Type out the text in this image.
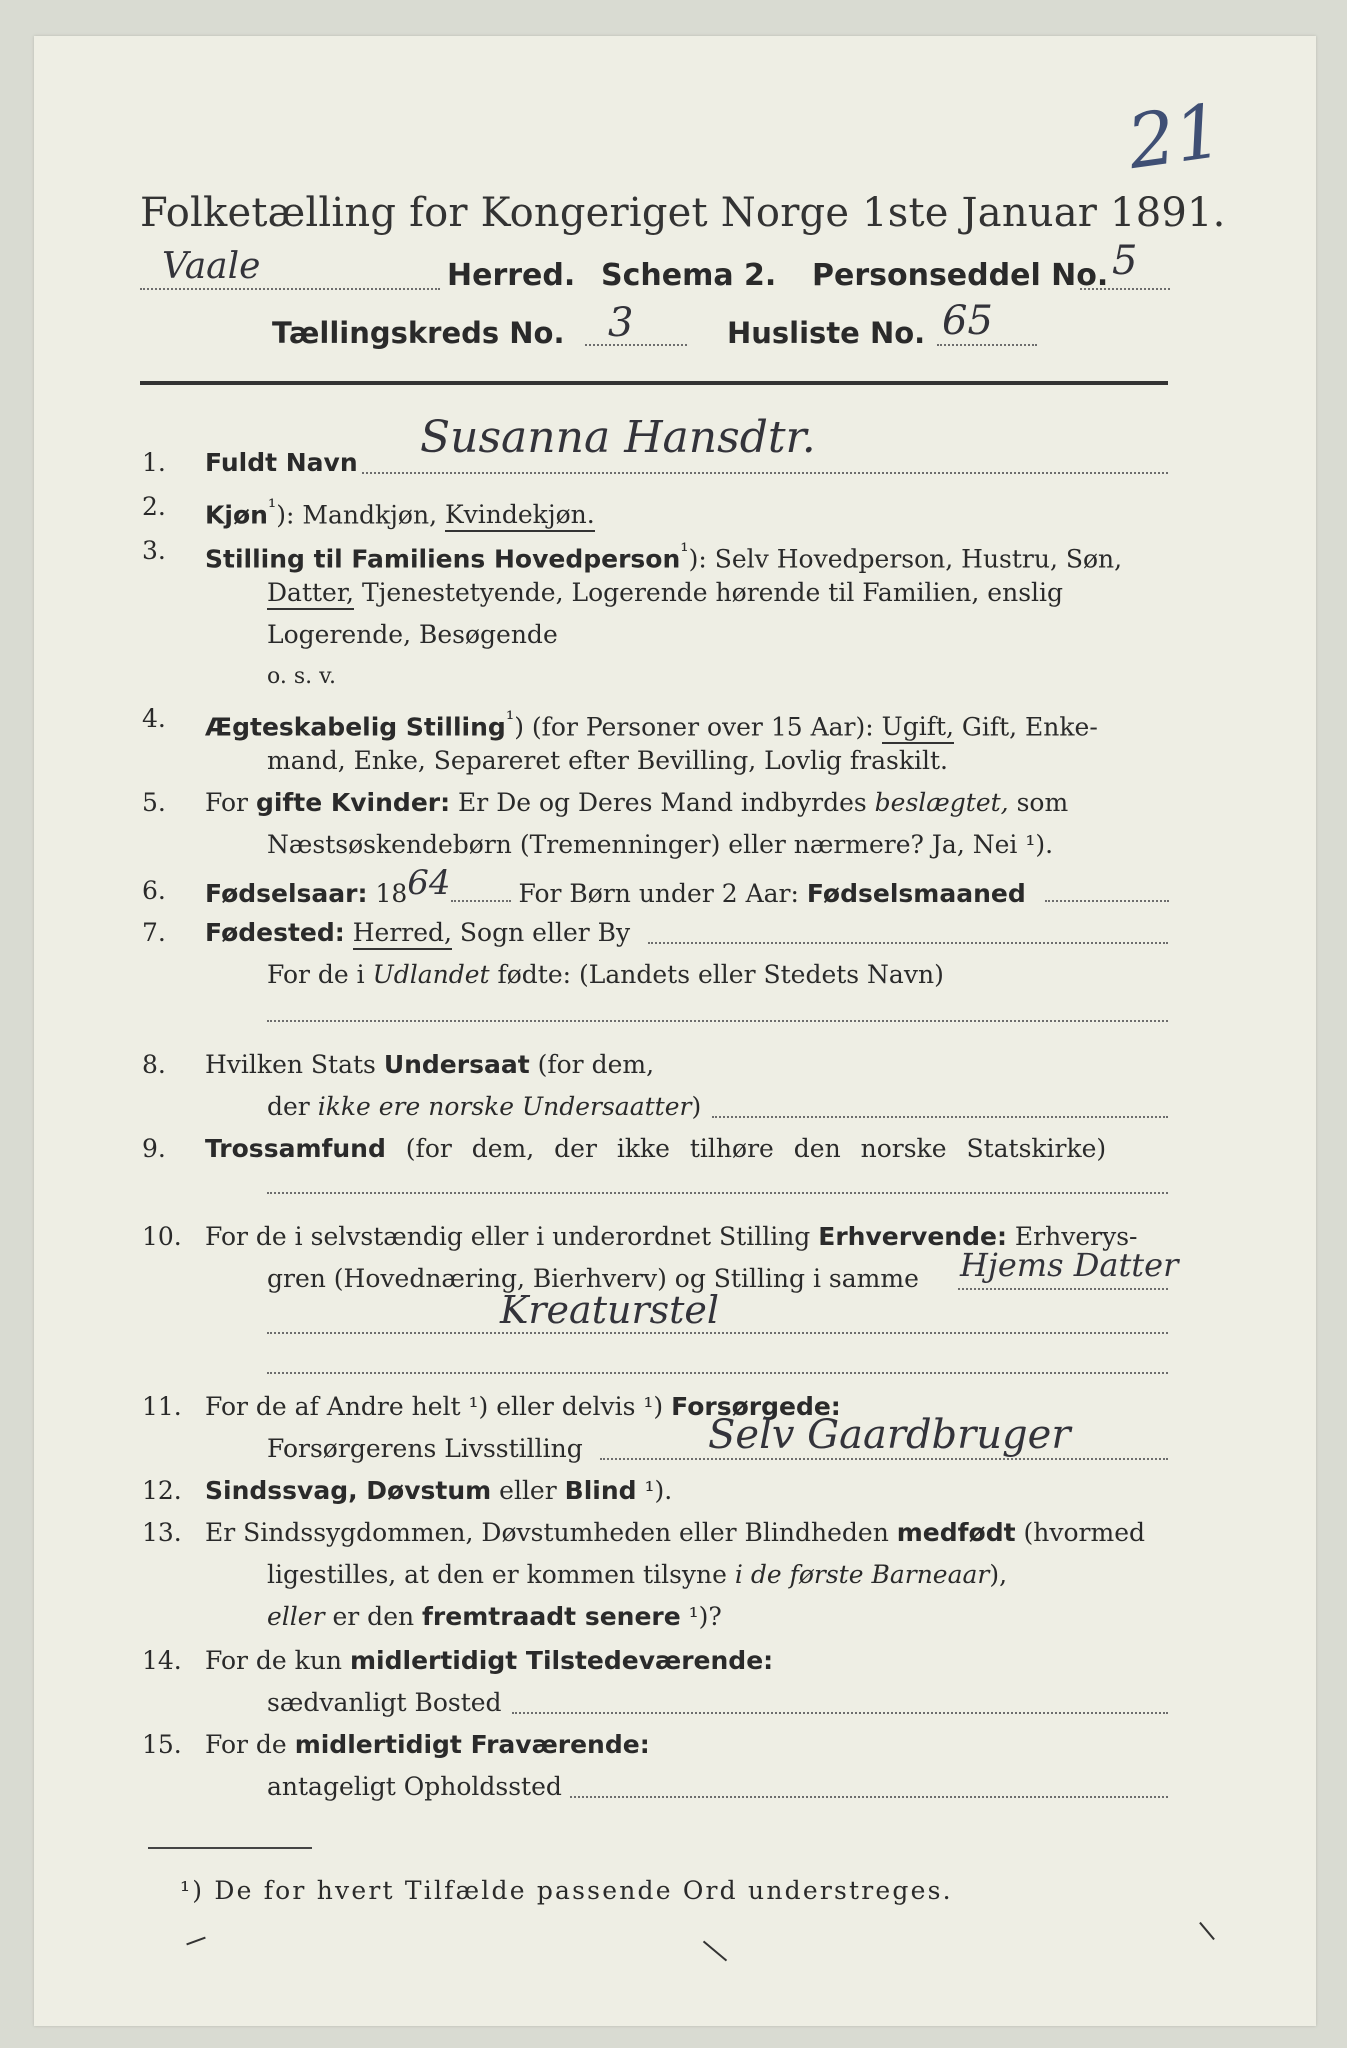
21
Folketælling for Kongeriget Norge 1ste Januar 1891.
Vaale	Herred. Schema 2. Personseddel No. 5
Tællingskreds No. 3	Husliste No. 65
1. Fuldt Navn Susanna Hansdtr.
2. Kjøn$^{^1}$): Mandkjøn, Kvindekjøn.
3. Stilling til Familiens Hovedperson$^{^1}$): Selv Hovedperson, Hustru, Søn,
Datter, Tjenestetyende, Logerende hørende til Familien, enslig
Logerende, Besøgende
o. s. v.
4. Ægteskabelig Stilling$^{^1}$) (for Personer over 15 Aar): Ugift, Gift, Enke-
mand, Enke, Separeret efter Bevilling, Lovlig fraskilt.
5. For gifte Kvinder: Er De og Deres Mand indbyrdes beslægtet, som
Næstsøskendebørn (Tremenninger) eller nærmere? Ja, Nei ¹).
6. Fødselsaar: 1864 For Børn under 2 Aar: Fødselsmaaned
7. Fødested: Herred, Sogn eller By
For de i Udlandet fødte: (Landets eller Stedets Navn)
8. Hvilken Stats Undersaat (for dem,
der ikke ere norske Undersaatter)
9. Trossamfund (for dem, der ikke tilhøre den norske Statskirke)
10. For de i selvstændig eller i underordnet Stilling Erhvervende: Erhverys-
gren (Hovednæring, Bierhverv) og Stilling i samme Hjems Datter
Kreaturstel
11. For de af Andre helt ¹) eller delvis ¹) Forsørgede:
Forsørgerens Livsstilling	Selv Gaardbruger
12. Sindssvag, Døvstum eller Blind ¹).
13. Er Sindssygdommen, Døvstumheden eller Blindheden medfødt (hvormed
ligestilles, at den er kommen tilsyne i de første Barneaar),
eller er den fremtraadt senere ¹)?
14. For de kun midlertidigt Tilstedeværende:
sædvanligt Bosted
15. For de midlertidigt Fraværende:
antageligt Opholdssted
¹) De for hvert Tilfælde passende Ord understreges.
